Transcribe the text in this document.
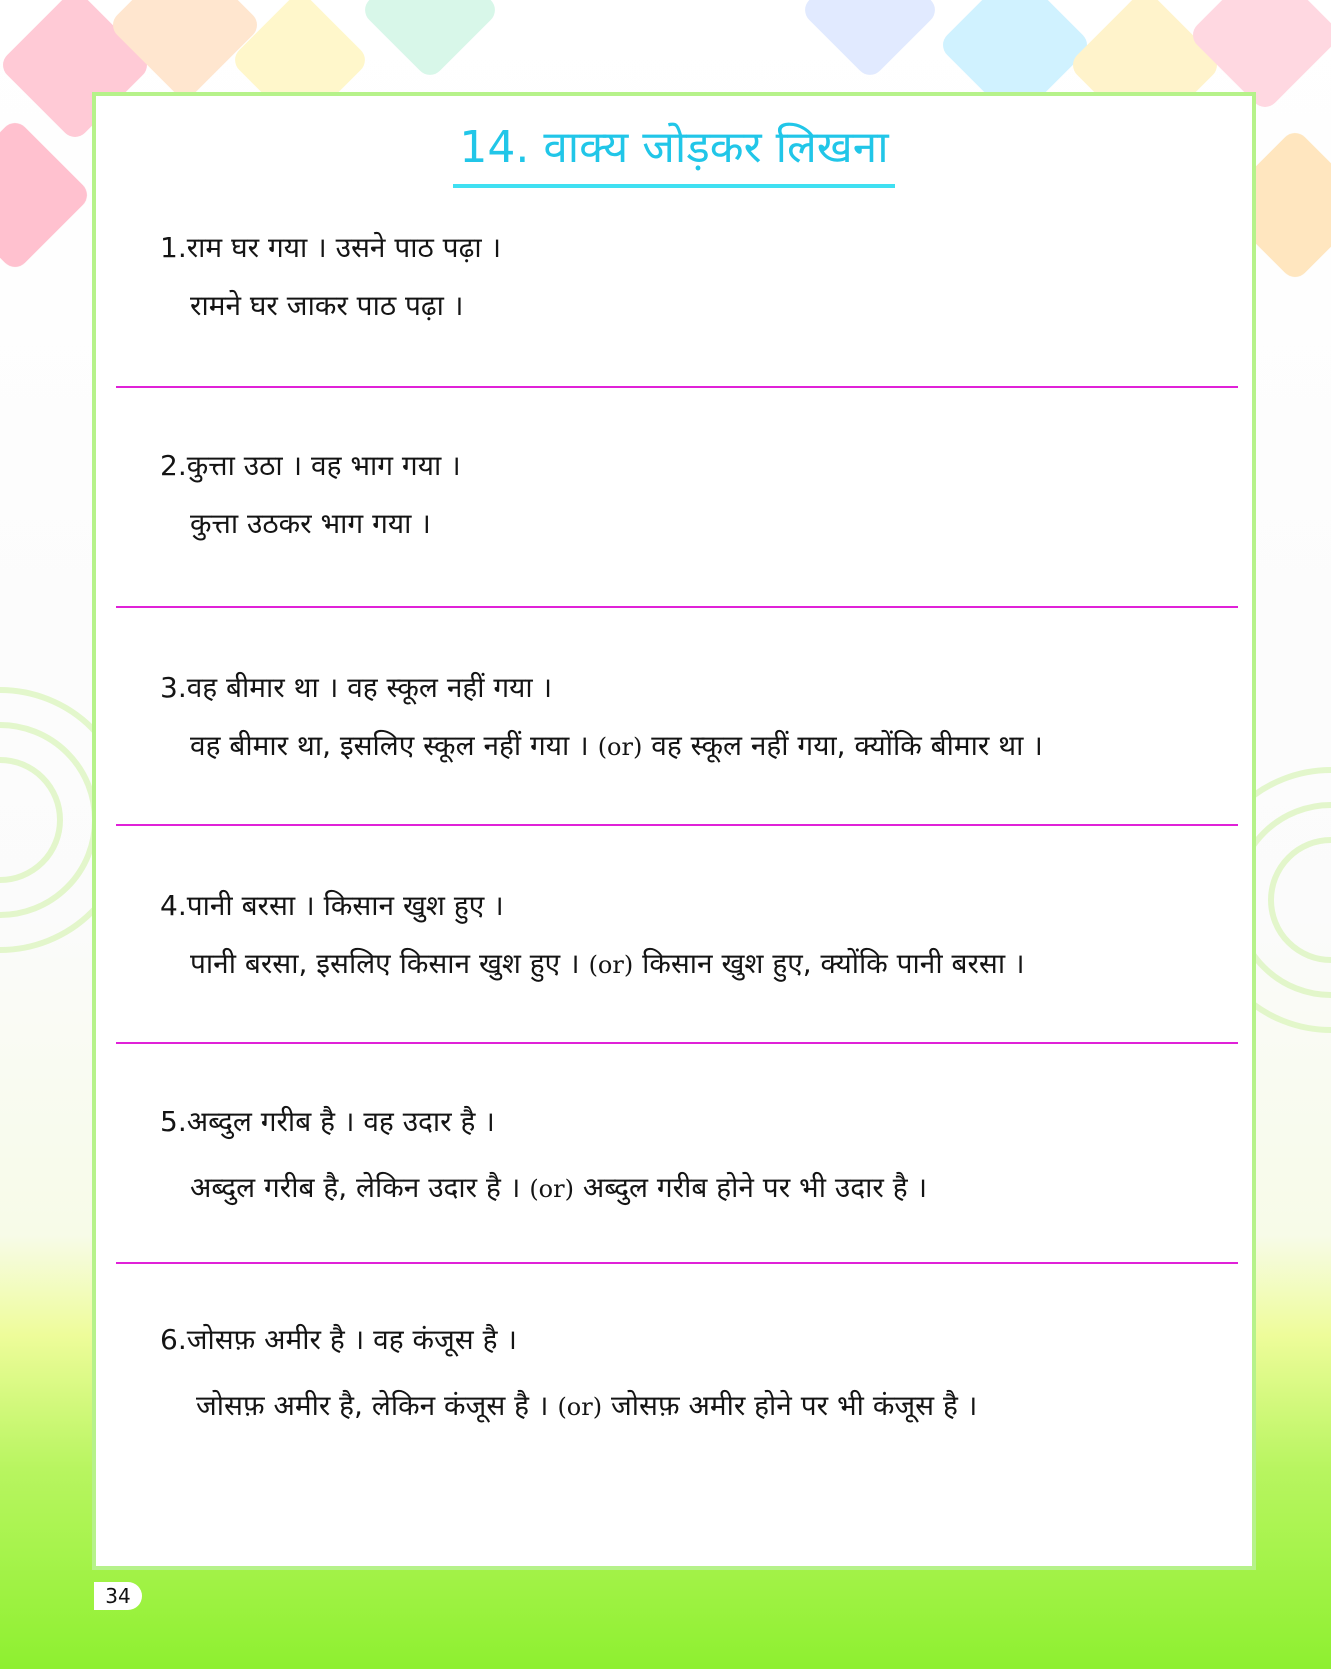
14. वाक्य जोड़कर लिखना
1.राम घर गया । उसने पाठ पढ़ा ।
रामने घर जाकर पाठ पढ़ा ।
2.कुत्ता उठा । वह भाग गया ।
कुत्ता उठकर भाग गया ।
3.वह बीमार था । वह स्कूल नहीं गया ।
वह बीमार था, इसलिए स्कूल नहीं गया । (or) वह स्कूल नहीं गया, क्योंकि बीमार था ।
4.पानी बरसा । किसान खुश हुए ।
पानी बरसा, इसलिए किसान खुश हुए । (or) किसान खुश हुए, क्योंकि पानी बरसा ।
5.अब्दुल गरीब है । वह उदार है ।
अब्दुल गरीब है, लेकिन उदार है । (or) अब्दुल गरीब होने पर भी उदार है ।
6.जोसफ़ अमीर है । वह कंजूस है ।
जोसफ़ अमीर है, लेकिन कंजूस है । (or) जोसफ़ अमीर होने पर भी कंजूस है ।
34
